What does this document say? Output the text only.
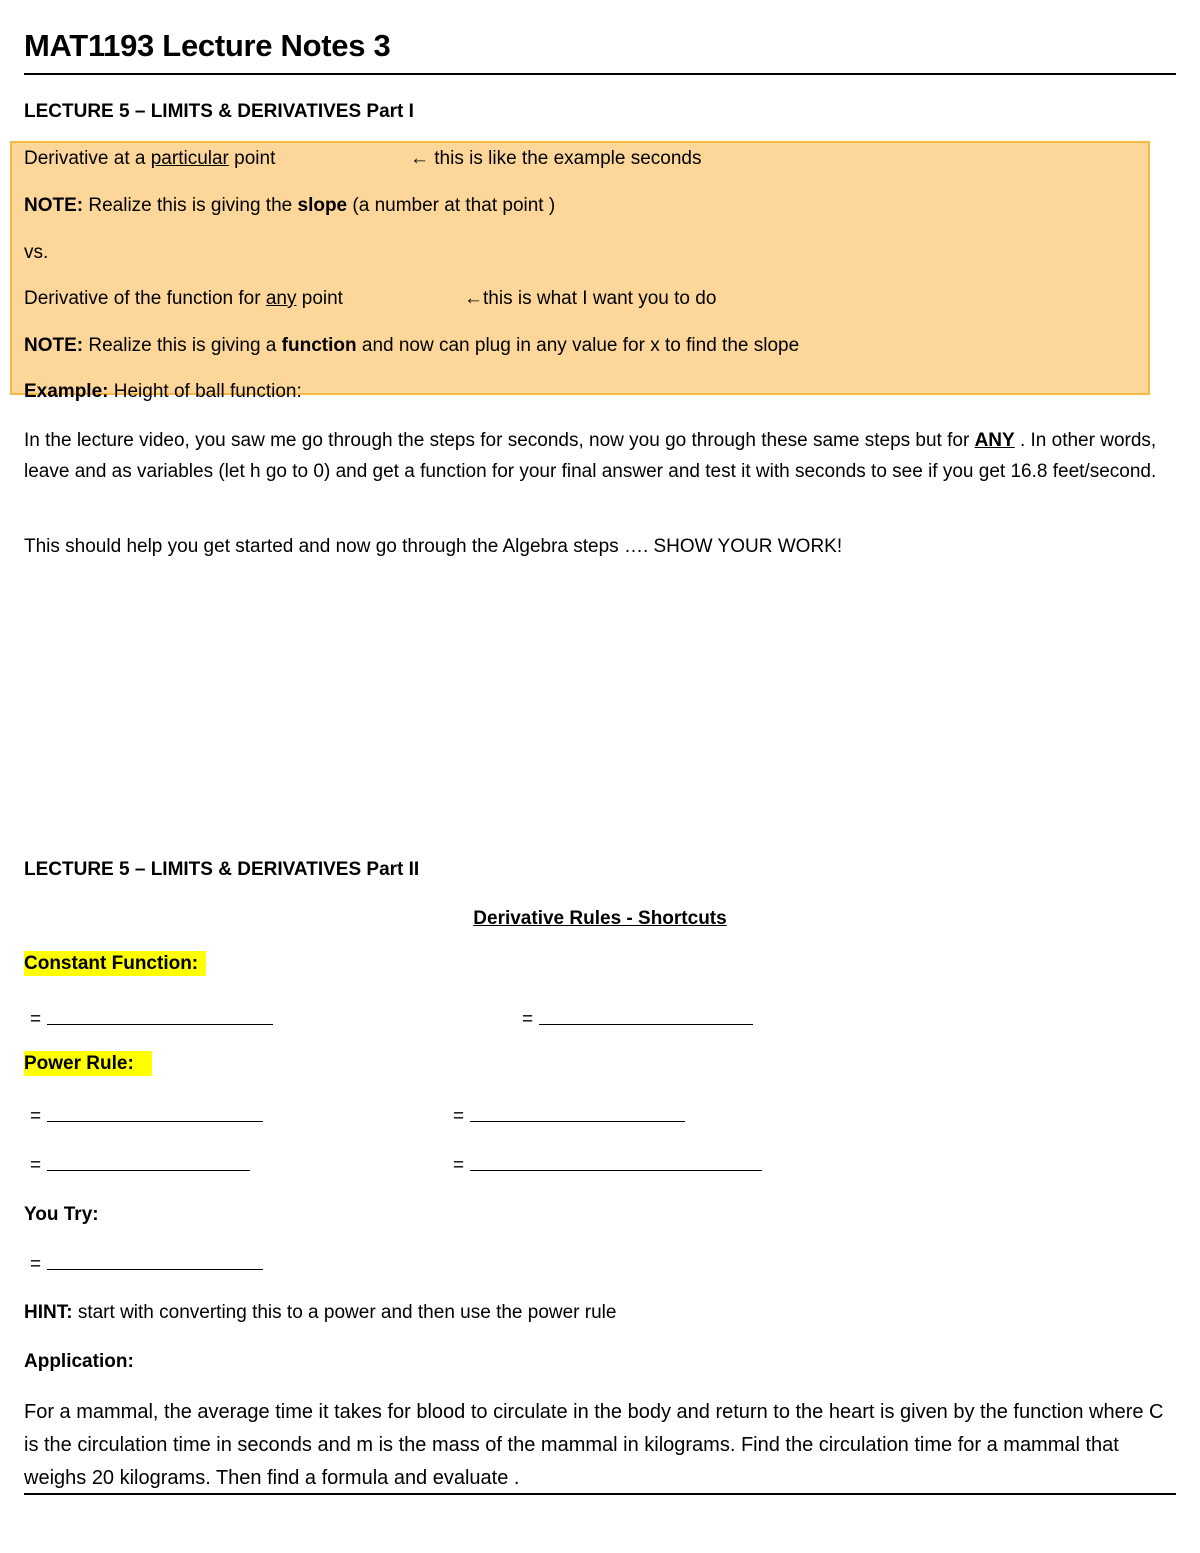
MAT1193 Lecture Notes 3
LECTURE 5 – LIMITS & DERIVATIVES Part I
Derivative at a particular point	← this is like the example seconds
NOTE: Realize this is giving the slope (a number at that point )
vs.
Derivative of the function for any point	←this is what I want you to do
NOTE: Realize this is giving a function and now can plug in any value for x to find the slope
Example: Height of ball function:
In the lecture video, you saw me go through the steps for seconds, now you go through these same steps but for ANY . In other words, leave and as variables (let h go to 0) and get a function for your final answer and test it with seconds to see if you get 16.8 feet/second.
This should help you get started and now go through the Algebra steps …. SHOW YOUR WORK!
LECTURE 5 – LIMITS & DERIVATIVES Part II
Derivative Rules - Shortcuts
Constant Function:
=	=
Power Rule:
=	=
=	=
You Try:
=
HINT: start with converting this to a power and then use the power rule
Application:
For a mammal, the average time it takes for blood to circulate in the body and return to the heart is given by the function where C is the circulation time in seconds and m is the mass of the mammal in kilograms. Find the circulation time for a mammal that weighs 20 kilograms. Then find a formula and evaluate .
